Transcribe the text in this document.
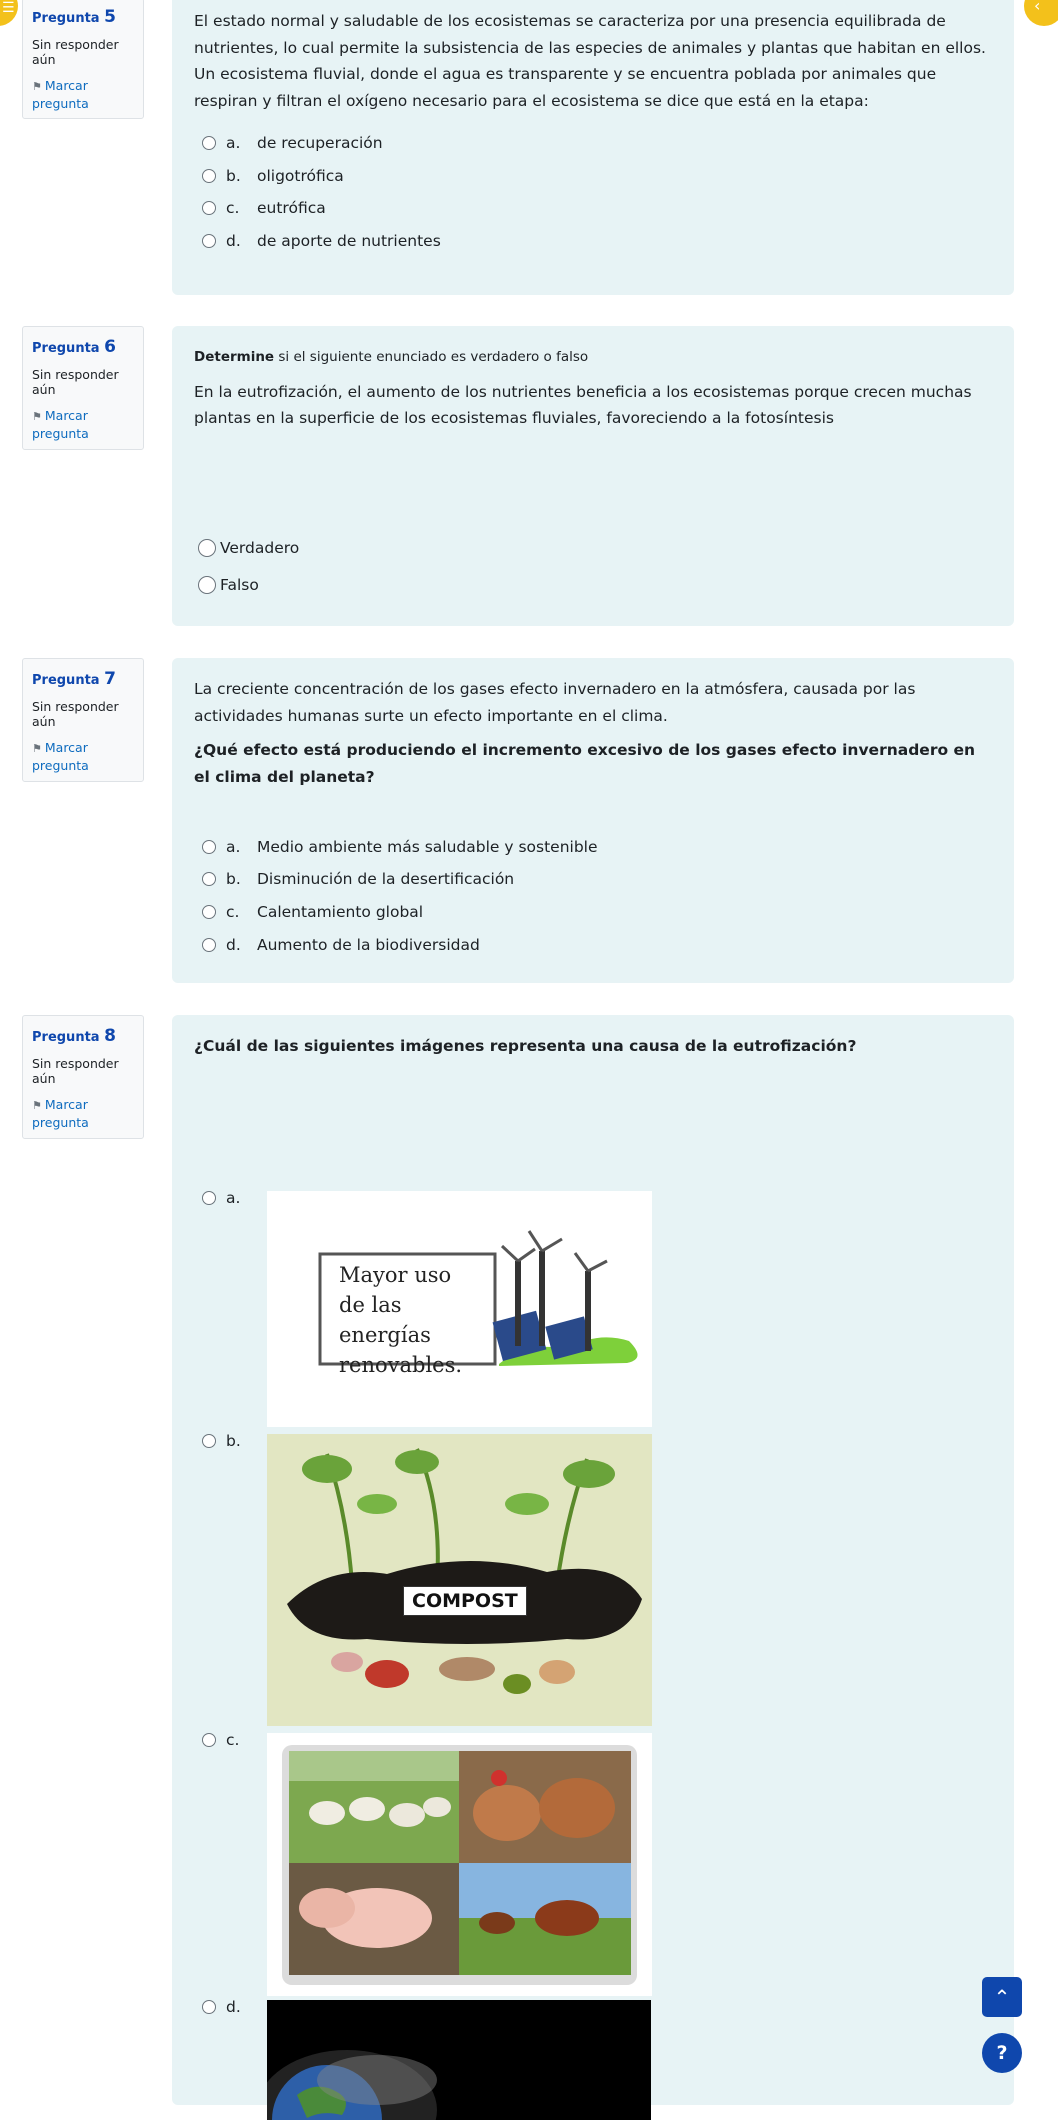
☰	‹
Pregunta 5
Sin responder aún
⚑ Marcar pregunta
El estado normal y saludable de los ecosistemas se caracteriza por una presencia equilibrada de nutrientes, lo cual permite la subsistencia de las especies de animales y plantas que habitan en ellos. Un ecosistema fluvial, donde el agua es transparente y se encuentra poblada por animales que respiran y filtran el oxígeno necesario para el ecosistema se dice que está en la etapa:
a.	de recuperación
b.	oligotrófica
c.	eutrófica
d.	de aporte de nutrientes
Pregunta 6
Sin responder aún
⚑ Marcar pregunta
Determine si el siguiente enunciado es verdadero o falso
En la eutrofización, el aumento de los nutrientes beneficia a los ecosistemas porque crecen muchas plantas en la superficie de los ecosistemas fluviales, favoreciendo a la fotosíntesis
Verdadero
Falso
Pregunta 7
Sin responder aún
⚑ Marcar pregunta
La creciente concentración de los gases efecto invernadero en la atmósfera, causada por las actividades humanas surte un efecto importante en el clima.
¿Qué efecto está produciendo el incremento excesivo de los gases efecto invernadero en el clima del planeta?
a.	Medio ambiente más saludable y sostenible
b.	Disminución de la desertificación
c.	Calentamiento global
d.	Aumento de la biodiversidad
Pregunta 8
Sin responder aún
⚑ Marcar pregunta
¿Cuál de las siguientes imágenes representa una causa de la eutrofización?
a.
Mayor uso de las energías renovables.
b.
COMPOST
c.
d.	⌃
?
